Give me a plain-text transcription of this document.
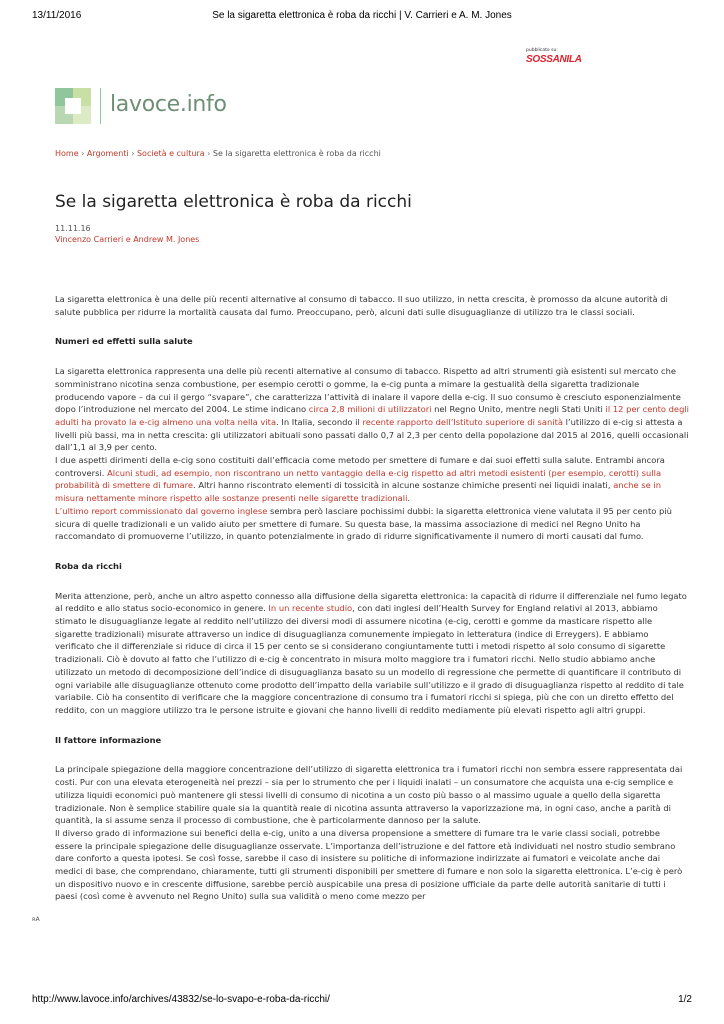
13/11/2016	Se la sigaretta elettronica è roba da ricchi | V. Carrieri e A. M. Jones
pubblicato su:
SOSSANILA
lavoce.info
Home › Argomenti › Società e cultura › Se la sigaretta elettronica è roba da ricchi
Se la sigaretta elettronica è roba da ricchi
11.11.16
Vincenzo Carrieri e Andrew M. Jones

La sigaretta elettronica è una delle più recenti alternative al consumo di tabacco. Il suo utilizzo, in netta crescita, è promosso da alcune autorità di salute pubblica per ridurre la mortalità causata dal fumo. Preoccupano, però, alcuni dati sulle disuguaglianze di utilizzo tra le classi sociali.

Numeri ed effetti sulla salute

La sigaretta elettronica rappresenta una delle più recenti alternative al consumo di tabacco. Rispetto ad altri strumenti già esistenti sul mercato che somministrano nicotina senza combustione, per esempio cerotti o gomme, la e-cig punta a mimare la gestualità della sigaretta tradizionale producendo vapore – da cui il gergo “svapare”, che caratterizza l’attività di inalare il vapore della e-cig. Il suo consumo è cresciuto esponenzialmente dopo l’introduzione nel mercato del 2004. Le stime indicano circa 2,8 milioni di utilizzatori nel Regno Unito, mentre negli Stati Uniti il 12 per cento degli adulti ha provato la e-cig almeno una volta nella vita. In Italia, secondo il recente rapporto dell’Istituto superiore di sanità l’utilizzo di e-cig si attesta a livelli più bassi, ma in netta crescita: gli utilizzatori abituali sono passati dallo 0,7 al 2,3 per cento della popolazione dal 2015 al 2016, quelli occasionali dall’1,1 al 3,9 per cento.

I due aspetti dirimenti della e-cig sono costituiti dall’efficacia come metodo per smettere di fumare e dai suoi effetti sulla salute. Entrambi ancora controversi. Alcuni studi, ad esempio, non riscontrano un netto vantaggio della e-cig rispetto ad altri metodi esistenti (per esempio, cerotti) sulla probabilità di smettere di fumare. Altri hanno riscontrato elementi di tossicità in alcune sostanze chimiche presenti nei liquidi inalati, anche se in misura nettamente minore rispetto alle sostanze presenti nelle sigarette tradizionali.

L’ultimo report commissionato dal governo inglese sembra però lasciare pochissimi dubbi: la sigaretta elettronica viene valutata il 95 per cento più sicura di quelle tradizionali e un valido aiuto per smettere di fumare. Su questa base, la massima associazione di medici nel Regno Unito ha raccomandato di promuoverne l’utilizzo, in quanto potenzialmente in grado di ridurre significativamente il numero di morti causati dal fumo.

Roba da ricchi

Merita attenzione, però, anche un altro aspetto connesso alla diffusione della sigaretta elettronica: la capacità di ridurre il differenziale nel fumo legato al reddito e allo status socio-economico in genere. In un recente studio, con dati inglesi dell’Health Survey for England relativi al 2013, abbiamo stimato le disuguaglianze legate al reddito nell’utilizzo dei diversi modi di assumere nicotina (e-cig, cerotti e gomme da masticare rispetto alle sigarette tradizionali) misurate attraverso un indice di disuguaglianza comunemente impiegato in letteratura (indice di Erreygers). E abbiamo verificato che il differenziale si riduce di circa il 15 per cento se si considerano congiuntamente tutti i metodi rispetto al solo consumo di sigarette tradizionali. Ciò è dovuto al fatto che l’utilizzo di e-cig è concentrato in misura molto maggiore tra i fumatori ricchi. Nello studio abbiamo anche utilizzato un metodo di decomposizione dell’indice di disuguaglianza basato su un modello di regressione che permette di quantificare il contributo di ogni variabile alle disuguaglianze ottenuto come prodotto dell’impatto della variabile sull’utilizzo e il grado di disuguaglianza rispetto al reddito di tale variabile. Ciò ha consentito di verificare che la maggiore concentrazione di consumo tra i fumatori ricchi si spiega, più che con un diretto effetto del reddito, con un maggiore utilizzo tra le persone istruite e giovani che hanno livelli di reddito mediamente più elevati rispetto agli altri gruppi.

Il fattore informazione

La principale spiegazione della maggiore concentrazione dell’utilizzo di sigaretta elettronica tra i fumatori ricchi non sembra essere rappresentata dai costi. Pur con una elevata eterogeneità nei prezzi – sia per lo strumento che per i liquidi inalati – un consumatore che acquista una e-cig semplice e utilizza liquidi economici può mantenere gli stessi livelli di consumo di nicotina a un costo più basso o al massimo uguale a quello della sigaretta tradizionale. Non è semplice stabilire quale sia la quantità reale di nicotina assunta attraverso la vaporizzazione ma, in ogni caso, anche a parità di quantità, la si assume senza il processo di combustione, che è particolarmente dannoso per la salute.

Il diverso grado di informazione sui benefici della e-cig, unito a una diversa propensione a smettere di fumare tra le varie classi sociali, potrebbe essere la principale spiegazione delle disuguaglianze osservate. L’importanza dell’istruzione e del fattore età individuati nel nostro studio sembrano dare conforto a questa ipotesi. Se così fosse, sarebbe il caso di insistere su politiche di informazione indirizzate ai fumatori e veicolate anche dai medici di base, che comprendano, chiaramente, tutti gli strumenti disponibili per smettere di fumare e non solo la sigaretta elettronica. L’e-cig è però un dispositivo nuovo e in crescente diffusione, sarebbe perciò auspicabile una presa di posizione ufficiale da parte delle autorità sanitarie di tutti i paesi (così come è avvenuto nel Regno Unito) sulla sua validità o meno come mezzo per

ʀA
http://www.lavoce.info/archives/43832/se-lo-svapo-e-roba-da-ricchi/	1/2
